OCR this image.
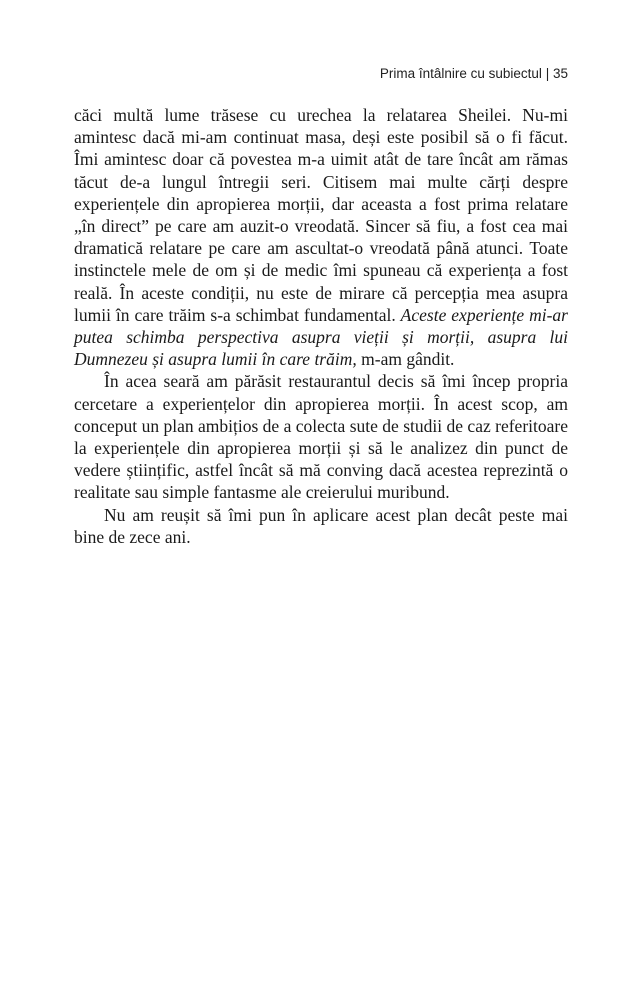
Prima întâlnire cu subiectul | 35

căci multă lume trăsese cu urechea la relatarea Sheilei. Nu-mi amintesc dacă mi-am continuat masa, deși este posibil să o fi făcut. Îmi amintesc doar că povestea m-a uimit atât de tare încât am rămas tăcut de-a lungul întregii seri. Citisem mai multe cărți despre experiențele din apropierea morții, dar aceasta a fost prima relatare „în direct” pe care am auzit-o vreodată. Sincer să fiu, a fost cea mai dramatică relatare pe care am ascultat-o vreodată până atunci. Toate instinctele mele de om și de medic îmi spuneau că experiența a fost reală. În aceste condiții, nu este de mirare că percepția mea asupra lumii în care trăim s-a schimbat fundamental. Aceste experiențe mi-ar putea schimba perspectiva asupra vieții și morții, asupra lui Dumnezeu și asupra lumii în care trăim, m-am gândit.

În acea seară am părăsit restaurantul decis să îmi încep propria cercetare a experiențelor din apropierea morții. În acest scop, am conceput un plan ambițios de a colecta sute de studii de caz referitoare la experiențele din apropierea morții și să le analizez din punct de vedere științific, astfel încât să mă conving dacă acestea reprezintă o realitate sau simple fantasme ale creierului muribund.

Nu am reușit să îmi pun în aplicare acest plan decât peste mai bine de zece ani.
